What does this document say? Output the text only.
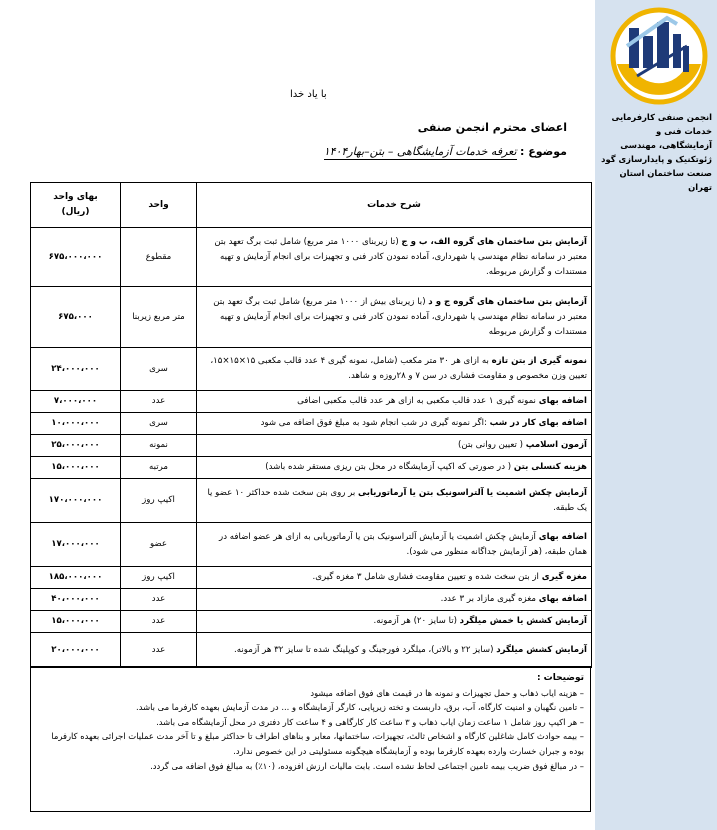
انجمن صنفی کارفرمایی خدمات فنی و آزمایشگاهی، مهندسی ژئوتکنیک و پایدارسازی گود صنعت ساختمان استان تهران
با یاد خدا
اعضای محترم انجمن صنفی
موضوع : تعرفه خدمات آزمایشگاهی – بتن–بهار۱۴۰۴
شرح خدمات	واحد	بهای واحد
(ریال)
آزمایش بتن ساختمان های گروه الف، ب و ج (تا زیربنای ۱۰۰۰ متر مربع) شامل ثبت برگ تعهد بتن معتبر در سامانه نظام مهندسی یا شهرداری، آماده نمودن کادر فنی و تجهیزات برای انجام آزمایش و تهیه مستندات و گزارش مربوطه.	مقطوع	۶۷۵،۰۰۰،۰۰۰
آزمایش بتن ساختمان های گروه ج و د (با زیربنای بیش از ۱۰۰۰ متر مربع) شامل ثبت برگ تعهد بتن معتبر در سامانه نظام مهندسی یا شهرداری، آماده نمودن کادر فنی و تجهیزات برای انجام آزمایش و تهیه مستندات و گزارش مربوطه	متر مربع زیربنا	۶۷۵،۰۰۰
نمونه گیری از بتن تازه به ازای هر ۳۰ متر مکعب (شامل، نمونه گیری ۴ عدد قالب مکعبی ۱۵×۱۵×۱۵، تعیین وزن مخصوص و مقاومت فشاری در سن ۷ و ۲۸روزه و شاهد.	سری	۲۴،۰۰۰،۰۰۰
اضافه بهای نمونه گیری ۱ عدد قالب مکعبی به ازای هر عدد قالب مکعبی اضافی	عدد	۷،۰۰۰،۰۰۰
اضافه بهای کار در شب :اگر نمونه گیری در شب انجام شود به مبلغ فوق اضافه می شود	سری	۱۰،۰۰۰،۰۰۰
آزمون اسلامپ ( تعیین روانی بتن)	نمونه	۲۵،۰۰۰،۰۰۰
هزینه کنسلی بتن ( در صورتی که اکیپ آزمایشگاه در محل بتن ریزی مستقر شده باشد)	مرتبه	۱۵،۰۰۰،۰۰۰
آزمایش چکش اشمیت یا آلتراسونیک بتن یا آرماتوریابی بر روی بتن سخت شده حداکثر ۱۰ عضو یا یک طبقه.	اکیپ روز	۱۷۰،۰۰۰،۰۰۰
اضافه بهای آزمایش چکش اشمیت یا آزمایش آلتراسونیک بتن یا آرماتوریابی به ازای هر عضو اضافه در همان طبقه، (هر آزمایش جداگانه منظور می شود).	عضو	۱۷،۰۰۰،۰۰۰
مغزه گیری از بتن سخت شده و تعیین مقاومت فشاری شامل ۳ مغزه گیری.	اکیپ روز	۱۸۵،۰۰۰،۰۰۰
اضافه بهای مغزه گیری مازاد بر ۳ عدد.	عدد	۴۰،۰۰۰،۰۰۰
آزمایش کشش یا خمش میلگرد (تا سایز ۲۰) هر آزمونه.	عدد	۱۵،۰۰۰،۰۰۰
آزمایش کشش میلگرد (سایز ۲۲ و بالاتر)، میلگرد فورجینگ و کوپلینگ شده تا سایز ۳۲ هر آزمونه.	عدد	۲۰،۰۰۰،۰۰۰
توضیحات :
– هزینه ایاب ذهاب و حمل تجهیزات و نمونه ها در قیمت های فوق اضافه میشود
– تامین نگهبان و امنیت کارگاه، آب، برق، داربست و تخته زیرپایی، کارگر آزمایشگاه و ... در مدت آزمایش بعهده کارفرما می باشد.
– هر اکیپ روز شامل ۱ ساعت زمان ایاب ذهاب و ۳ ساعت کار کارگاهی و ۴ ساعت کار دفتری در محل آزمایشگاه می باشد.
– بیمه حوادث کامل شاغلین کارگاه و اشخاص ثالث، تجهیزات، ساختمانها، معابر و بناهای اطراف تا حداکثر مبلغ و تا آخر مدت عملیات اجرائی بعهده کارفرما بوده و جبران خسارت وارده بعهده کارفرما بوده و آزمایشگاه هیچگونه مسئولیتی در این خصوص ندارد.
– در مبالغ فوق ضریب بیمه تامین اجتماعی لحاظ نشده است. بابت مالیات ارزش افزوده، (۱۰٪) به مبالغ فوق اضافه می گردد.
